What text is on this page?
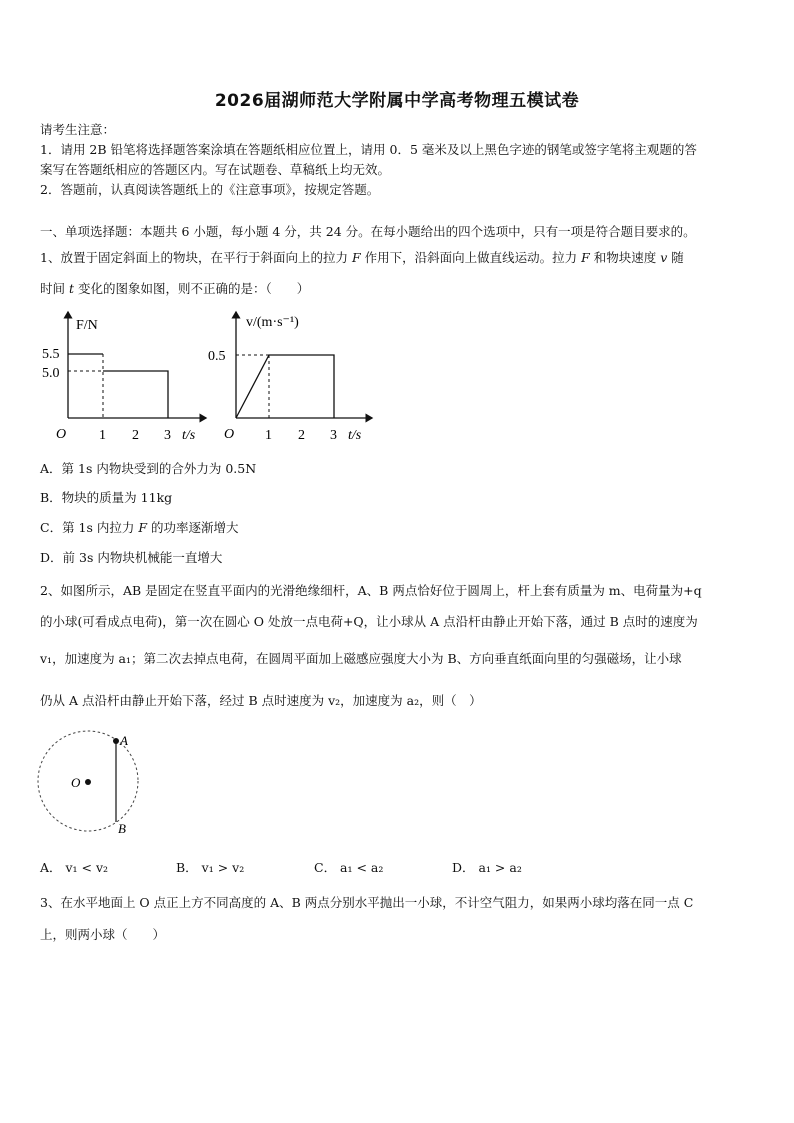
2026届湖师范大学附属中学高考物理五模试卷
请考生注意：
1．请用 2B 铅笔将选择题答案涂填在答题纸相应位置上，请用 0．5 毫米及以上黑色字迹的钢笔或签字笔将主观题的答
案写在答题纸相应的答题区内。写在试题卷、草稿纸上均无效。
2．答题前，认真阅读答题纸上的《注意事项》，按规定答题。
一、单项选择题：本题共 6 小题，每小题 4 分，共 24 分。在每小题给出的四个选项中，只有一项是符合题目要求的。
1、放置于固定斜面上的物块，在平行于斜面向上的拉力 F 作用下，沿斜面向上做直线运动。拉力 F 和物块速度 v 随
时间 t 变化的图象如图，则不正确的是：（　　）
F/N
5.5
5.0
O 1 2 3 t/s
v/(m·s⁻¹)
0.5
O 1 2 3 t/s
A．第 1s 内物块受到的合外力为 0.5N
B．物块的质量为 11kg
C．第 1s 内拉力 F 的功率逐渐增大
D．前 3s 内物块机械能一直增大
2、如图所示，AB 是固定在竖直平面内的光滑绝缘细杆，A、B 两点恰好位于圆周上，杆上套有质量为 m、电荷量为+q
的小球(可看成点电荷)，第一次在圆心 O 处放一点电荷+Q，让小球从 A 点沿杆由静止开始下落，通过 B 点时的速度为
v₁，加速度为 a₁；第二次去掉点电荷，在圆周平面加上磁感应强度大小为 B、方向垂直纸面向里的匀强磁场，让小球
仍从 A 点沿杆由静止开始下落，经过 B 点时速度为 v₂，加速度为 a₂，则（　）
A
O
B
A． v₁ < v₂	B． v₁ > v₂	C． a₁ < a₂	D． a₁ > a₂
3、在水平地面上 O 点正上方不同高度的 A、B 两点分别水平抛出一小球，不计空气阻力，如果两小球均落在同一点 C
上，则两小球（　　）
